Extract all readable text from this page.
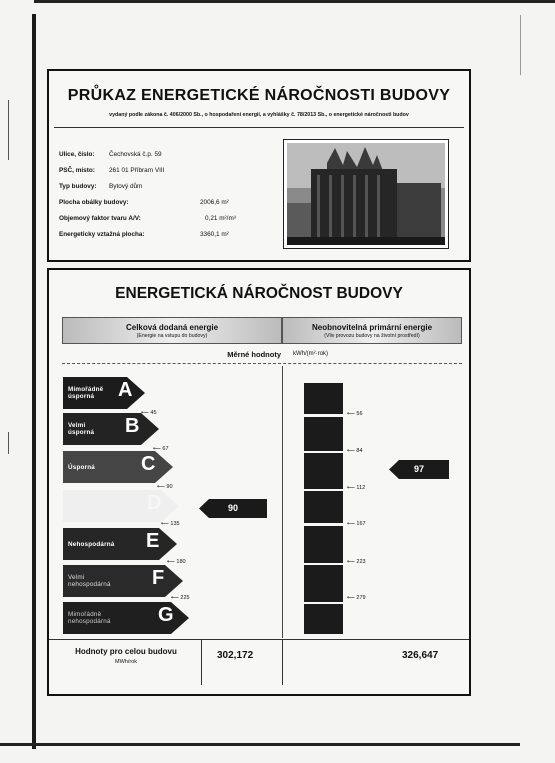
PRŮKAZ ENERGETICKÉ NÁROČNOSTI BUDOVY
vydaný podle zákona č. 406/2000 Sb., o hospodaření energií, a vyhlášky č. 78/2013 Sb., o energetické náročnosti budov
Ulice, číslo: Čechovská č.p. 59
PSČ, místo: 261 01 Příbram VIII
Typ budovy: Bytový dům
Plocha obálky budovy:	2006,6 m²
Objemový faktor tvaru A/V:	0,21 m²/m³
Energeticky vztažná plocha:	3360,1 m²
ENERGETICKÁ NÁROČNOST BUDOVY
Celková dodaná energie
(Energie na vstupu do budovy)
Neobnovitelná primární energie
(Vliv provozu budovy na životní prostředí)
Měrné hodnoty kWh/(m²·rok)
Mimořádně
úsporná	A
Velmi
úsporná B
Úsporná C
D
Nehospodárná E
Velmi
nehospodárná F
Mimořádně
nehospodárná G
⟵ 45
⟵ 67
⟵ 90
⟵ 135
⟵ 180
⟵ 225
90
⟵ 56
⟵ 84
⟵ 112
⟵ 167
⟵ 223
⟵ 279
97
Hodnoty pro celou budovu
MWh/rok
302,172	326,647
